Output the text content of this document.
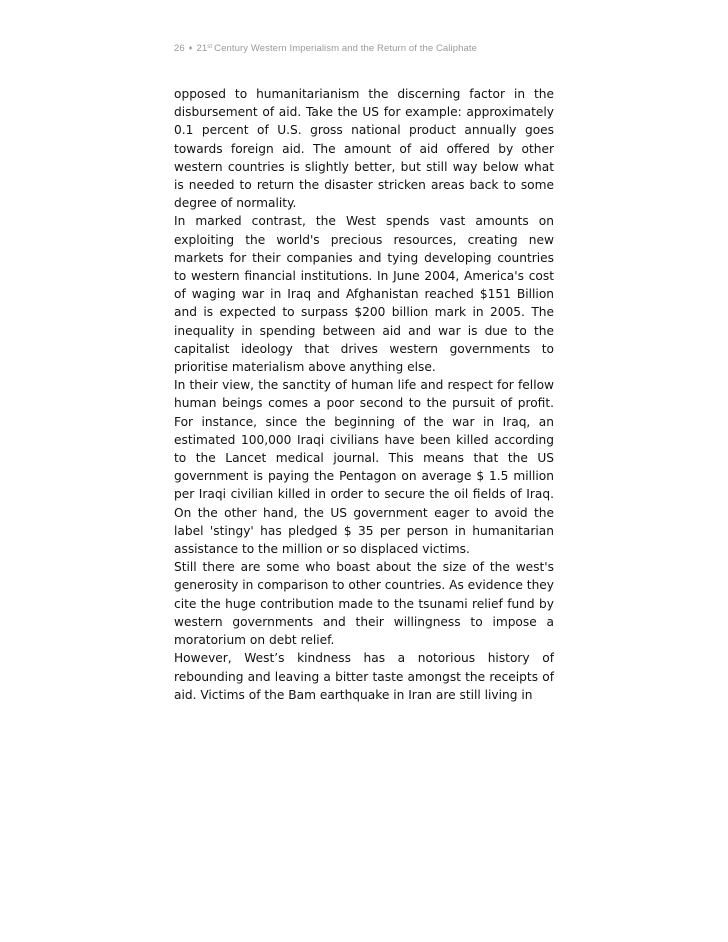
26 ♦ 21st Century Western Imperialism and the Return of the Caliphate

opposed to humanitarianism the discerning factor in the disbursement of aid. Take the US for example: approximately 0.1 percent of U.S. gross national product annually goes towards foreign aid. The amount of aid offered by other western countries is slightly better, but still way below what is needed to return the disaster stricken areas back to some degree of normality.

In marked contrast, the West spends vast amounts on exploiting the world's precious resources, creating new markets for their companies and tying developing countries to western financial institutions. In June 2004, America's cost of waging war in Iraq and Afghanistan reached $151 Billion and is expected to surpass $200 billion mark in 2005. The inequality in spending between aid and war is due to the capitalist ideology that drives western governments to prioritise materialism above anything else.

In their view, the sanctity of human life and respect for fellow human beings comes a poor second to the pursuit of profit. For instance, since the beginning of the war in Iraq, an estimated 100,000 Iraqi civilians have been killed according to the Lancet medical journal. This means that the US government is paying the Pentagon on average $ 1.5 million per Iraqi civilian killed in order to secure the oil fields of Iraq. On the other hand, the US government eager to avoid the label 'stingy' has pledged $ 35 per person in humanitarian assistance to the million or so displaced victims.

Still there are some who boast about the size of the west's generosity in comparison to other countries. As evidence they cite the huge contribution made to the tsunami relief fund by western governments and their willingness to impose a moratorium on debt relief.

However, West’s kindness has a notorious history of rebounding and leaving a bitter taste amongst the receipts of aid. Victims of the Bam earthquake in Iran are still living in
